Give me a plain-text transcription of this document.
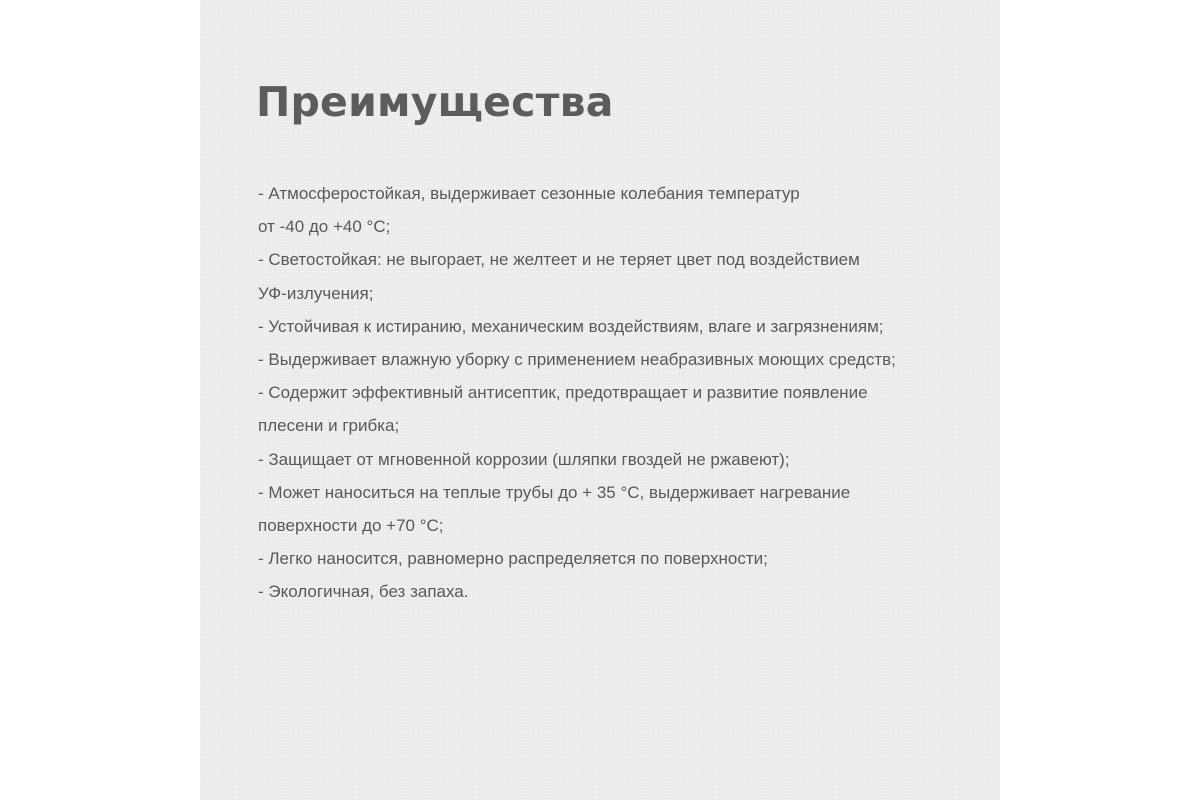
Преимущества
- Атмосферостойкая, выдерживает сезонные колебания температур
от -40 до +40 °С;
- Светостойкая: не выгорает, не желтеет и не теряет цвет под воздействием
УФ-излучения;
- Устойчивая к истиранию, механическим воздействиям, влаге и загрязнениям;
- Выдерживает влажную уборку с применением неабразивных моющих средств;
- Содержит эффективный антисептик, предотвращает и развитие появление
плесени и грибка;
- Защищает от мгновенной коррозии (шляпки гвоздей не ржавеют);
- Может наноситься на теплые трубы до + 35 °С, выдерживает нагревание
поверхности до +70 °С;
- Легко наносится, равномерно распределяется по поверхности;
- Экологичная, без запаха.
